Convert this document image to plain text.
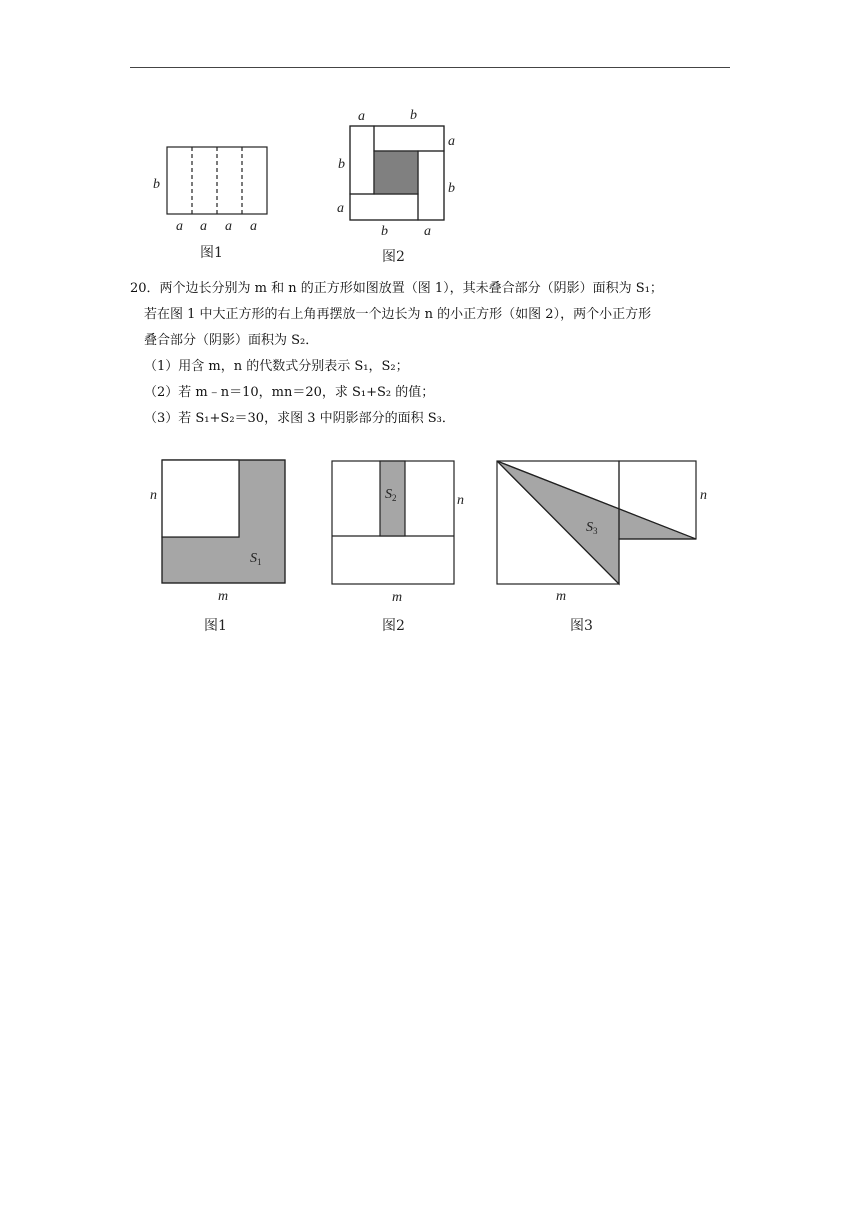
b
a a a a
图1
a	b
a
b
b
a
b	a
图2

20．两个边长分别为 m 和 n 的正方形如图放置（图 1），其未叠合部分（阴影）面积为 S₁；

若在图 1 中大正方形的右上角再摆放一个边长为 n 的小正方形（如图 2），两个小正方形

叠合部分（阴影）面积为 S₂．

（1）用含 m，n 的代数式分别表示 S₁，S₂；

（2）若 m﹣n＝10，mn＝20，求 S₁+S₂ 的值；

（3）若 S₁+S₂＝30，求图 3 中阴影部分的面积 S₃．

n
$S_1$
m
图1
$S_2$	n
m
图2
$S_3$
n
m
图3
